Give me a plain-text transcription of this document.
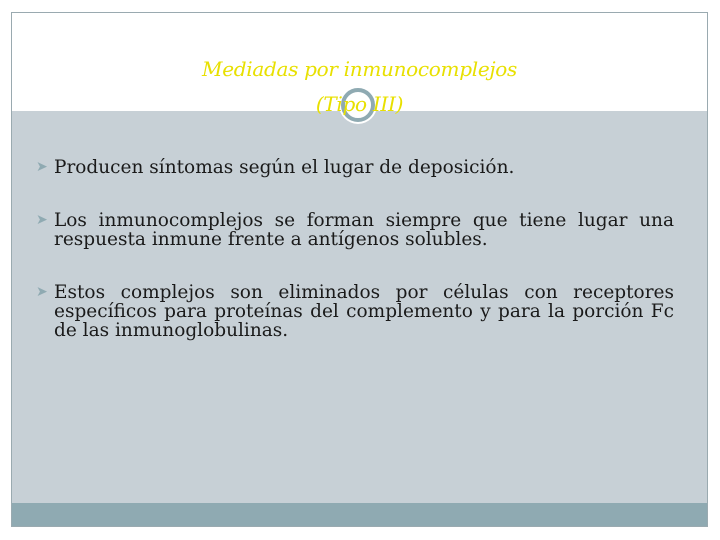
Mediadas por inmunocomplejos
(Tipo III)
➤ Producen síntomas según el lugar de deposición.
➤ Los inmunocomplejos se forman siempre que tiene lugar una respuesta inmune frente a antígenos solubles.
➤ Estos complejos son eliminados por células con receptores específicos para proteínas del complemento y para la porción Fc de las inmunoglobulinas.
